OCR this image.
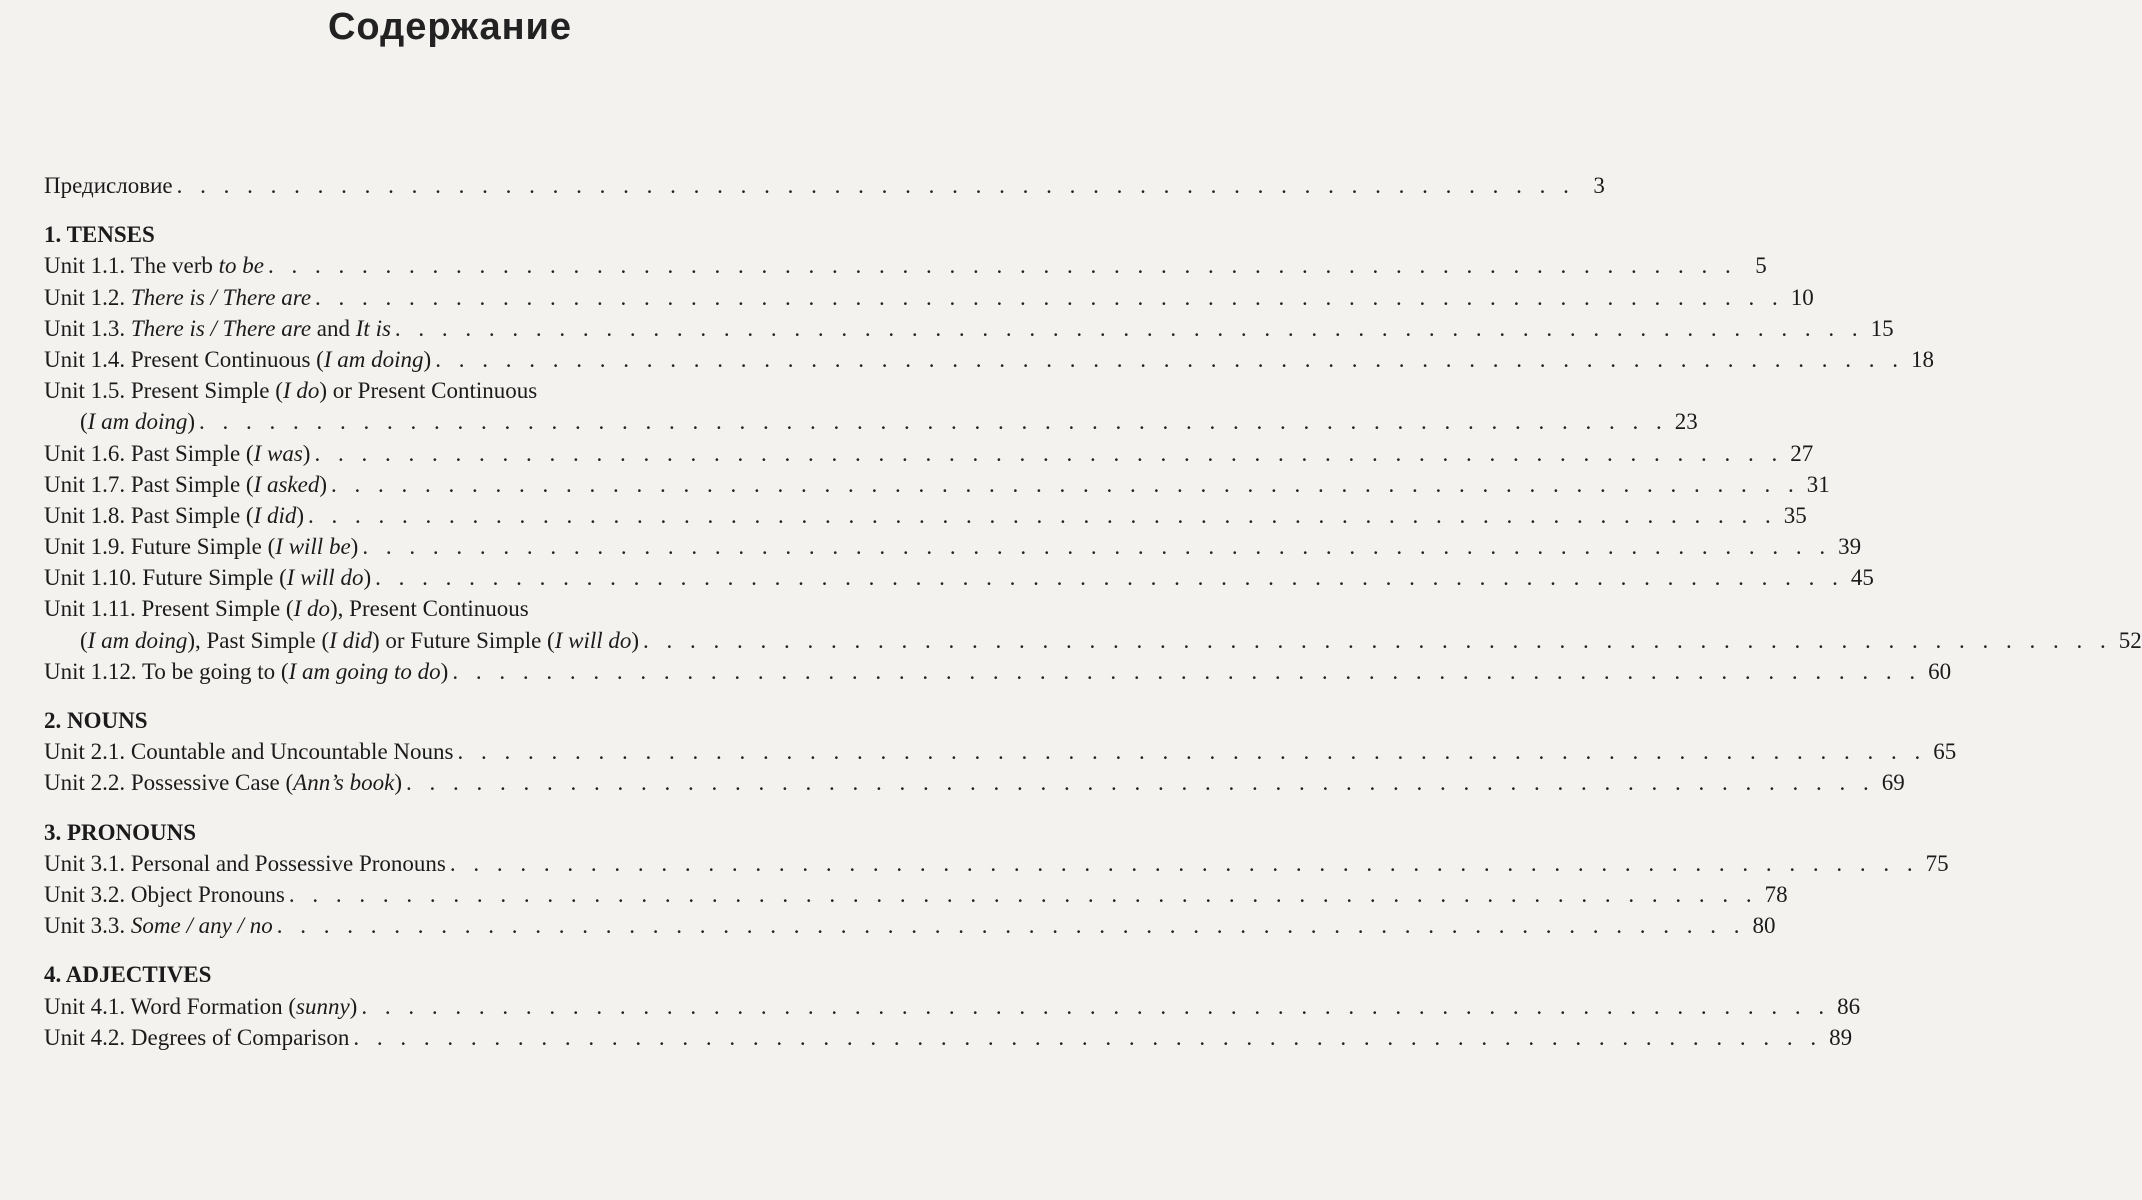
Содержание
Предисловие . . . . . . . . . . . . . . . . . . . . . . . . . . . . . . . . . . . . . . . . . . . . . . . . . . . . . . . . . . . . 3
1. TENSES
Unit 1.1. The verb to be . . . . . . . . . . . . . . . . . . . . . . . . . . . . . . . . . . . . . . . . . . . . . . . . . . . . . . . . . . . . . . . 5
Unit 1.2. There is / There are . . . . . . . . . . . . . . . . . . . . . . . . . . . . . . . . . . . . . . . . . . . . . . . . . . . . . . . . . . . . . . . 10
Unit 1.3. There is / There are and It is . . . . . . . . . . . . . . . . . . . . . . . . . . . . . . . . . . . . . . . . . . . . . . . . . . . . . . . . . . . . . . . 15
Unit 1.4. Present Continuous (I am doing) . . . . . . . . . . . . . . . . . . . . . . . . . . . . . . . . . . . . . . . . . . . . . . . . . . . . . . . . . . . . . . . 18
Unit 1.5. Present Simple (I do) or Present Continuous
(I am doing) . . . . . . . . . . . . . . . . . . . . . . . . . . . . . . . . . . . . . . . . . . . . . . . . . . . . . . . . . . . . . . . 23
Unit 1.6. Past Simple (I was) . . . . . . . . . . . . . . . . . . . . . . . . . . . . . . . . . . . . . . . . . . . . . . . . . . . . . . . . . . . . . . . 27
Unit 1.7. Past Simple (I asked) . . . . . . . . . . . . . . . . . . . . . . . . . . . . . . . . . . . . . . . . . . . . . . . . . . . . . . . . . . . . . . . 31
Unit 1.8. Past Simple (I did) . . . . . . . . . . . . . . . . . . . . . . . . . . . . . . . . . . . . . . . . . . . . . . . . . . . . . . . . . . . . . . . 35
Unit 1.9. Future Simple (I will be) . . . . . . . . . . . . . . . . . . . . . . . . . . . . . . . . . . . . . . . . . . . . . . . . . . . . . . . . . . . . . . . 39
Unit 1.10. Future Simple (I will do) . . . . . . . . . . . . . . . . . . . . . . . . . . . . . . . . . . . . . . . . . . . . . . . . . . . . . . . . . . . . . . . 45
Unit 1.11. Present Simple (I do), Present Continuous
(I am doing), Past Simple (I did) or Future Simple (I will do) . . . . . . . . . . . . . . . . . . . . . . . . . . . . . . . . . . . . . . . . . . . . . . . . . . . . . . . . . . . . . . . 52
Unit 1.12. To be going to (I am going to do) . . . . . . . . . . . . . . . . . . . . . . . . . . . . . . . . . . . . . . . . . . . . . . . . . . . . . . . . . . . . . . . 60
2. NOUNS
Unit 2.1. Countable and Uncountable Nouns . . . . . . . . . . . . . . . . . . . . . . . . . . . . . . . . . . . . . . . . . . . . . . . . . . . . . . . . . . . . . . . 65
Unit 2.2. Possessive Case (Ann’s book) . . . . . . . . . . . . . . . . . . . . . . . . . . . . . . . . . . . . . . . . . . . . . . . . . . . . . . . . . . . . . . . 69
3. PRONOUNS
Unit 3.1. Personal and Possessive Pronouns . . . . . . . . . . . . . . . . . . . . . . . . . . . . . . . . . . . . . . . . . . . . . . . . . . . . . . . . . . . . . . . 75
Unit 3.2. Object Pronouns . . . . . . . . . . . . . . . . . . . . . . . . . . . . . . . . . . . . . . . . . . . . . . . . . . . . . . . . . . . . . . . 78
Unit 3.3. Some / any / no . . . . . . . . . . . . . . . . . . . . . . . . . . . . . . . . . . . . . . . . . . . . . . . . . . . . . . . . . . . . . . . 80
4. ADJECTIVES
Unit 4.1. Word Formation (sunny) . . . . . . . . . . . . . . . . . . . . . . . . . . . . . . . . . . . . . . . . . . . . . . . . . . . . . . . . . . . . . . . 86
Unit 4.2. Degrees of Comparison . . . . . . . . . . . . . . . . . . . . . . . . . . . . . . . . . . . . . . . . . . . . . . . . . . . . . . . . . . . . . . . 89
